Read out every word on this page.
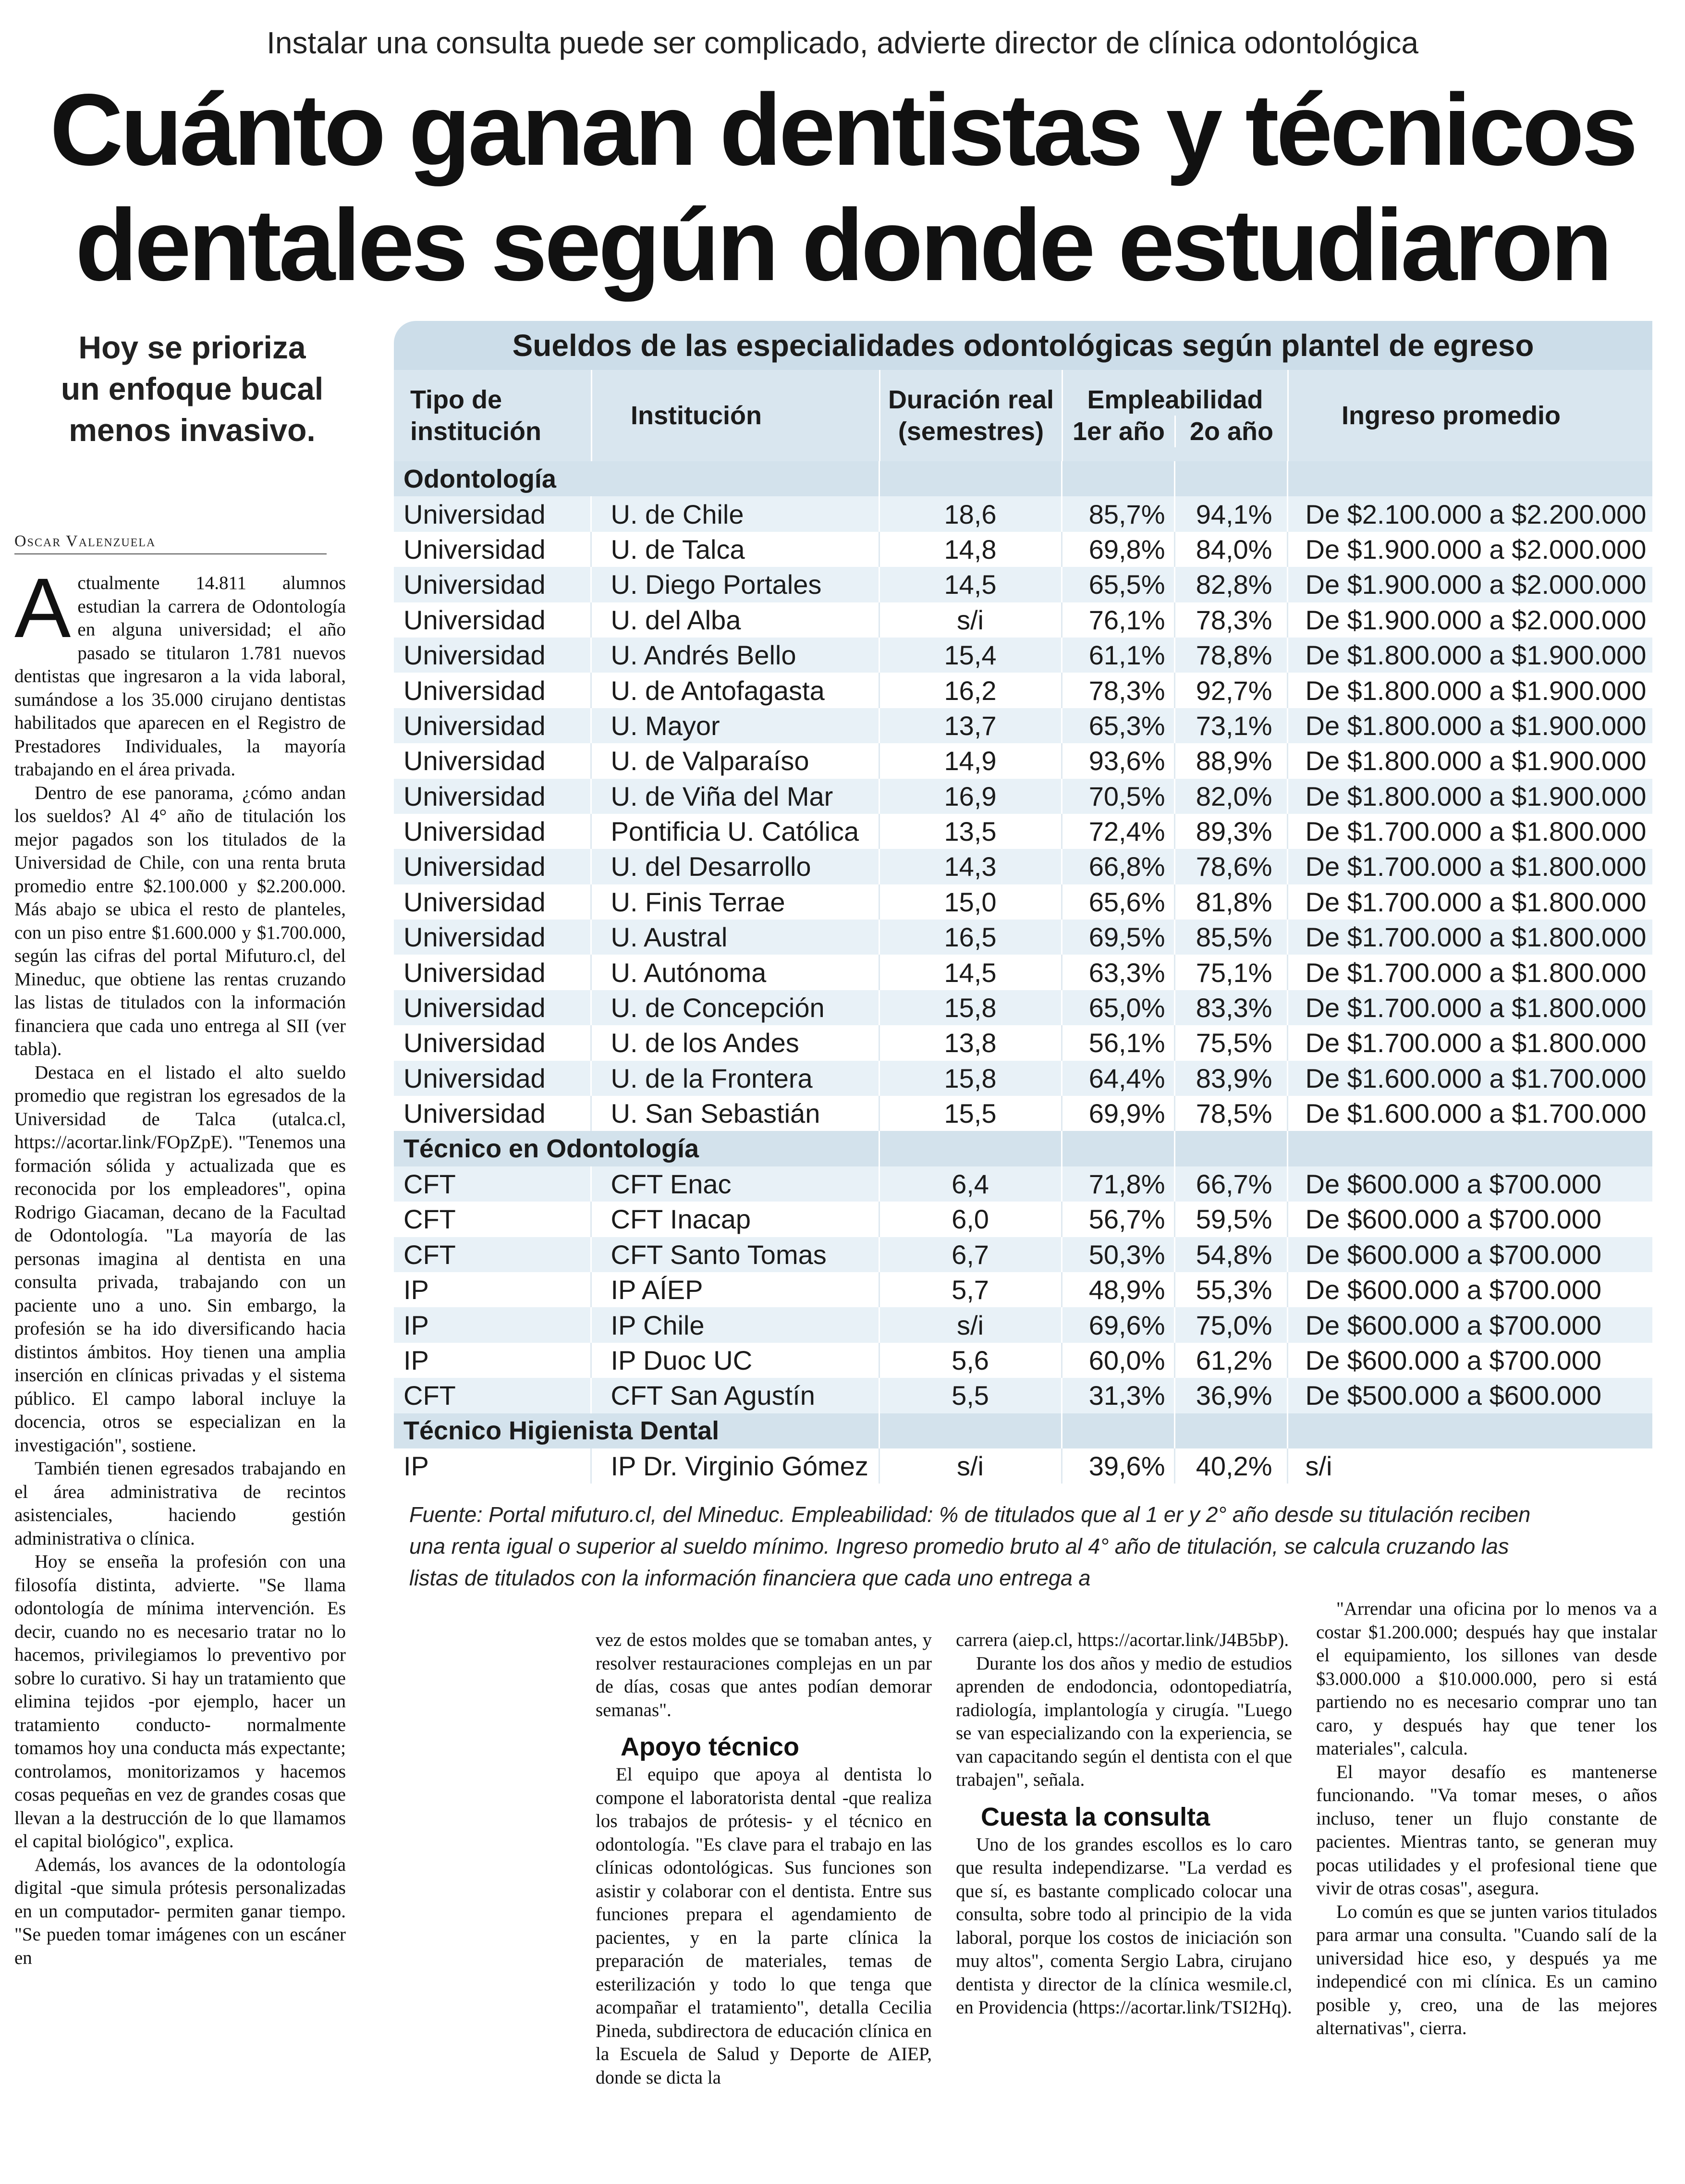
Instalar una consulta puede ser complicado, advierte director de clínica odontológica
Cuánto ganan dentistas y técnicos
dentales según donde estudiaron
Hoy se prioriza
un enfoque bucal
menos invasivo.
Oscar Valenzuela

Actualmente 14.811 alumnos estudian la carrera de Odontología en alguna universidad; el año pasado se titularon 1.781 nuevos dentistas que ingresaron a la vida laboral, sumándose a los 35.000 cirujano dentistas habilitados que aparecen en el Registro de Prestadores Individuales, la mayoría trabajando en el área privada.

Dentro de ese panorama, ¿cómo andan los sueldos? Al 4° año de titulación los mejor pagados son los titulados de la Universidad de Chile, con una renta bruta promedio entre $2.100.000 y $2.200.000. Más abajo se ubica el resto de planteles, con un piso entre $1.600.000 y $1.700.000, según las cifras del portal Mifuturo.cl, del Mineduc, que obtiene las rentas cruzando las listas de titulados con la información financiera que cada uno entrega al SII (ver tabla).

Destaca en el listado el alto sueldo promedio que registran los egresados de la Universidad de Talca (utalca.cl, https://acortar.link/FOpZpE). "Tenemos una formación sólida y actualizada que es reconocida por los empleadores", opina Rodrigo Giacaman, decano de la Facultad de Odontología. "La mayoría de las personas imagina al dentista en una consulta privada, trabajando con un paciente uno a uno. Sin embargo, la profesión se ha ido diversificando hacia distintos ámbitos. Hoy tienen una amplia inserción en clínicas privadas y el sistema público. El campo laboral incluye la docencia, otros se especializan en la investigación", sostiene.

También tienen egresados trabajando en el área administrativa de recintos asistenciales, haciendo gestión administrativa o clínica.

Hoy se enseña la profesión con una filosofía distinta, advierte. "Se llama odontología de mínima intervención. Es decir, cuando no es necesario tratar no lo hacemos, privilegiamos lo preventivo por sobre lo curativo. Si hay un tratamiento que elimina tejidos -por ejemplo, hacer un tratamiento conducto- normalmente tomamos hoy una conducta más expectante; controlamos, monitorizamos y hacemos cosas pequeñas en vez de grandes cosas que llevan a la destrucción de lo que llamamos el capital biológico", explica.

Además, los avances de la odontología digital -que simula prótesis personalizadas en un computador- permiten ganar tiempo. "Se pueden tomar imágenes con un escáner en

Sueldos de las especialidades odontológicas según plantel de egreso
Tipo de
institución
Institución
Duración real
(semestres)
Empleabilidad
1er año 2o año
Ingreso promedio
Odontología					
Universidad	U. de Chile	18,6	85,7%	94,1%	De $2.100.000 a $2.200.000
Universidad	U. de Talca	14,8	69,8%	84,0%	De $1.900.000 a $2.000.000
Universidad	U. Diego Portales	14,5	65,5%	82,8%	De $1.900.000 a $2.000.000
Universidad	U. del Alba	s/i	76,1%	78,3%	De $1.900.000 a $2.000.000
Universidad	U. Andrés Bello	15,4	61,1%	78,8%	De $1.800.000 a $1.900.000
Universidad	U. de Antofagasta	16,2	78,3%	92,7%	De $1.800.000 a $1.900.000
Universidad	U. Mayor	13,7	65,3%	73,1%	De $1.800.000 a $1.900.000
Universidad	U. de Valparaíso	14,9	93,6%	88,9%	De $1.800.000 a $1.900.000
Universidad	U. de Viña del Mar	16,9	70,5%	82,0%	De $1.800.000 a $1.900.000
Universidad	Pontificia U. Católica	13,5	72,4%	89,3%	De $1.700.000 a $1.800.000
Universidad	U. del Desarrollo	14,3	66,8%	78,6%	De $1.700.000 a $1.800.000
Universidad	U. Finis Terrae	15,0	65,6%	81,8%	De $1.700.000 a $1.800.000
Universidad	U. Austral	16,5	69,5%	85,5%	De $1.700.000 a $1.800.000
Universidad	U. Autónoma	14,5	63,3%	75,1%	De $1.700.000 a $1.800.000
Universidad	U. de Concepción	15,8	65,0%	83,3%	De $1.700.000 a $1.800.000
Universidad	U. de los Andes	13,8	56,1%	75,5%	De $1.700.000 a $1.800.000
Universidad	U. de la Frontera	15,8	64,4%	83,9%	De $1.600.000 a $1.700.000
Universidad	U. San Sebastián	15,5	69,9%	78,5%	De $1.600.000 a $1.700.000
Técnico en Odontología					
CFT	CFT Enac	6,4	71,8%	66,7%	De $600.000 a $700.000
CFT	CFT Inacap	6,0	56,7%	59,5%	De $600.000 a $700.000
CFT	CFT Santo Tomas	6,7	50,3%	54,8%	De $600.000 a $700.000
IP	IP AÍEP	5,7	48,9%	55,3%	De $600.000 a $700.000
IP	IP Chile	s/i	69,6%	75,0%	De $600.000 a $700.000
IP	IP Duoc UC	5,6	60,0%	61,2%	De $600.000 a $700.000
CFT	CFT San Agustín	5,5	31,3%	36,9%	De $500.000 a $600.000
Técnico Higienista Dental					
IP	IP Dr. Virginio Gómez	s/i	39,6%	40,2%	s/i
Fuente: Portal mifuturo.cl, del Mineduc. Empleabilidad: % de titulados que al 1 er y 2° año desde su titulación reciben una renta igual o superior al sueldo mínimo. Ingreso promedio bruto al 4° año de titulación, se calcula cruzando las listas de titulados con la información financiera que cada uno entrega a

vez de estos moldes que se tomaban antes, y resolver restauraciones complejas en un par de días, cosas que antes podían demorar semanas".

Apoyo técnico

El equipo que apoya al dentista lo compone el laboratorista dental -que realiza los trabajos de prótesis- y el técnico en odontología. "Es clave para el trabajo en las clínicas odontológicas. Sus funciones son asistir y colaborar con el dentista. Entre sus funciones prepara el agendamiento de pacientes, y en la parte clínica la preparación de materiales, temas de esterilización y todo lo que tenga que acompañar el tratamiento", detalla Cecilia Pineda, subdirectora de educación clínica en la Escuela de Salud y Deporte de AIEP, donde se dicta la

carrera (aiep.cl, https://acortar.link/J4B5bP).

Durante los dos años y medio de estudios aprenden de endodoncia, odontopediatría, radiología, implantología y cirugía. "Luego se van especializando con la experiencia, se van capacitando según el dentista con el que trabajen", señala.

Cuesta la consulta

Uno de los grandes escollos es lo caro que resulta independizarse. "La verdad es que sí, es bastante complicado colocar una consulta, sobre todo al principio de la vida laboral, porque los costos de iniciación son muy altos", comenta Sergio Labra, cirujano dentista y director de la clínica wesmile.cl, en Providencia (https://acortar.link/TSI2Hq).

"Arrendar una oficina por lo menos va a costar $1.200.000; después hay que instalar el equipamiento, los sillones van desde $3.000.000 a $10.000.000, pero si está partiendo no es necesario comprar uno tan caro, y después hay que tener los materiales", calcula.

El mayor desafío es mantenerse funcionando. "Va tomar meses, o años incluso, tener un flujo constante de pacientes. Mientras tanto, se generan muy pocas utilidades y el profesional tiene que vivir de otras cosas", asegura.

Lo común es que se junten varios titulados para armar una consulta. "Cuando salí de la universidad hice eso, y después ya me independicé con mi clínica. Es un camino posible y, creo, una de las mejores alternativas", cierra.
